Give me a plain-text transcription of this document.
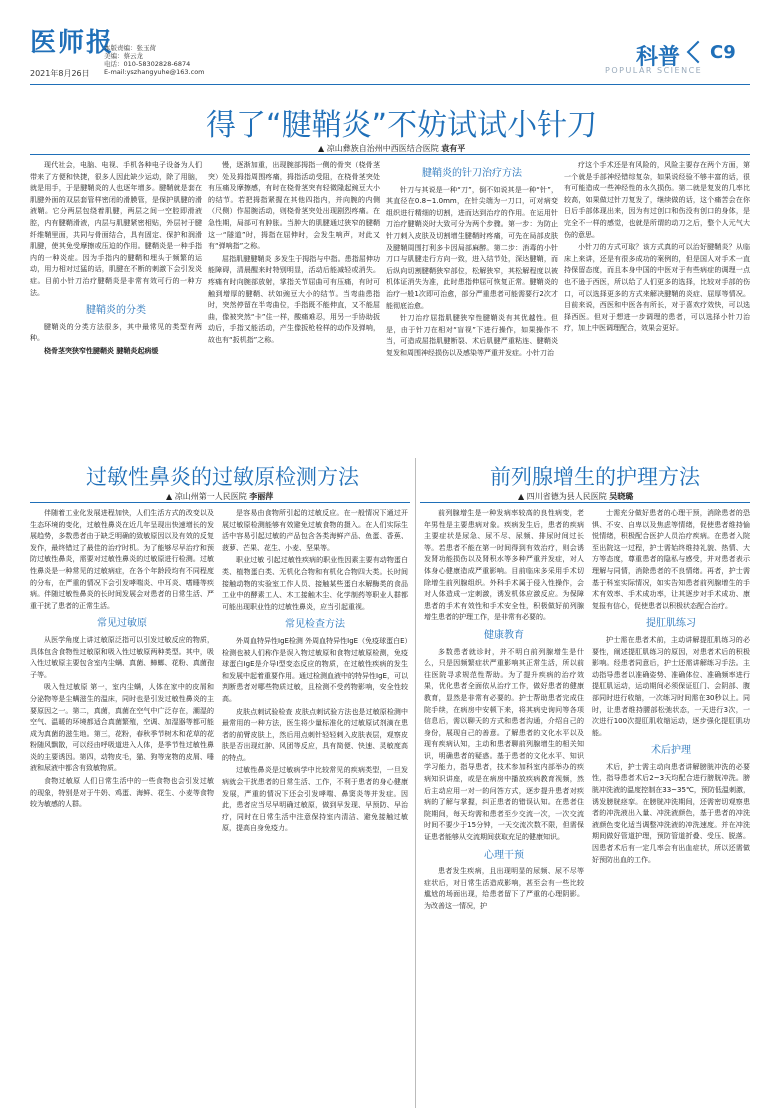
医师报
本版责编：张玉荷
美编：蔡云龙
电话：010-58302828-6874
E-mail:yszhangyuhe@163.com
2021年8月26日
科普 C9
POPULAR SCIENCE
得了“腱鞘炎”不妨试试小针刀
▲ 凉山彝族自治州中西医结合医院 袁有平

现代社会，电脑、电视、手机各种电子设备为人们带来了方便和快捷，很多人因此缺少运动，除了用脑，就是用手，于是腱鞘炎的人也逐年增多。腱鞘就是套在肌腱外面的双层套管样密闭的滑膜管，是保护肌腱的滑液鞘。它分两层包绕着肌腱，两层之间一空腔即滑液腔，内有腱鞘滑液，内层与肌腱紧密相贴，外层衬于腱纤维鞘里面，共同与骨面结合，具有固定、保护和润滑肌腱，使其免受摩擦或压迫的作用。腱鞘炎是一种手指内的一种炎症。因为手指内的腱鞘和埋头于频繁的运动，用力相对过猛的话，肌腱在不断的刺激下会引发炎症。目前小针刀治疗腱鞘炎是非常有效可行的一种方法。

腱鞘炎的分类

腱鞘炎的分类方法很多，其中最常见的类型有两种。

桡骨茎突狭窄性腱鞘炎 腱鞘炎起病缓

慢，逐渐加重，出现腕部拇指一侧的骨突（桡骨茎突）处及拇指周围疼痛，拇指活动受阻，在桡骨茎突处有压痛及摩擦感，有时在桡骨茎突有轻微隆起豌豆大小的结节。若把拇指紧握在其他四指内，并向腕的内侧（尺侧）作屈腕活动，则桡骨茎突处出现剧烈疼痛。在急性期，局部可有肿胀。当肿大的肌腱通过狭窄的腱鞘这一“隧道”时，拇指在屈伸时，会发生响声，对此又有“弹响指”之称。

屈指肌腱腱鞘炎 多发生于拇指与中指。患指屈伸功能障碍，清晨醒来时特别明显，活动后能减轻或消失。疼痛有时向腕部放射，掌指关节屈曲可有压痛，有时可触到增厚的腱鞘、状如豌豆大小的结节。当弯曲患指时，突然停留在半弯曲位，手指既不能伸直，又不能屈曲，像被突然“卡”住一样，酸痛难忍，用另一手协助扳动后，手指又能活动，产生像扳枪栓样的动作及弹响，故也有“扳机指”之称。

腱鞘炎的针刀治疗方法

针刀与其说是一种“刀”，倒不如说其是一种“针”，其直径在0.8~1.0mm，在针尖端为一刀口，可对病变组织进行精细的切割，进而达到治疗的作用。在运用针刀治疗腱鞘炎时大致可分为两个步骤。第一步：为防止针刀刺入皮肤及切割增生腱鞘时疼痛，可先在局部皮肤及腱鞘周围打利多卡因局部麻醉。第二步：消毒的小针刀口与肌腱走行方向一致，进入结节处，深达腱鞘，而后纵向切割腱鞘狭窄部位，松解狭窄，其松解程度以被机体证消失为准，此时患指伸屈可恢复正常。腱鞘炎的治疗一般1次即可治愈，部分严重患者可能需要行2次才能彻底治愈。

针刀治疗屈指肌腱狭窄性腱鞘炎有其优越性。但是，由于针刀在相对“盲视”下进行操作，如果操作不当，可造成屈指肌腱断裂、术后肌腱严重粘连、腱鞘炎复发和周围神经损伤以及感染等严重并发症。小针刀治

疗这个手术还是有风险的，风险主要存在两个方面，第一个就是手部神经错综复杂，如果说经验不够丰富的话，很有可能造成一些神经性的永久损伤。第二就是复发的几率比较高，如果做过针刀复发了，继续做的话，这个痛苦会在你日后手部体现出来，因为有过创口和伤没有创口的身体，是完全不一样的感觉，也就是所谓的动刀之后，整个人元气大伤的意思。

小针刀的方式可取？该方式真的可以治好腱鞘炎？从临床上来讲，还是有很多成功的案例的，但是国人对手术一直持保留态度，而且本身中国的中医对于有些病症的调理一点也不逊于西医，所以给了人们更多的选择，比较对手部的伤口，可以选择更多的方式来解决腱鞘的炎症、屈厚等情况。目前来说，西医和中医各有所长，对于喜欢疗效快，可以选择西医。但对于想进一步调理的患者，可以选择小针刀治疗，加上中医调理配合，效果会更好。

过敏性鼻炎的过敏原检测方法
▲ 凉山州第一人民医院 李丽萍

伴随着工业化发展进程加快，人们生活方式的改变以及生态环境的变化，过敏性鼻炎在近几年呈现出快速增长的发展趋势，多数患者由于缺乏明确的致敏原因以及有效的反复发作，最终错过了最佳的治疗时机。为了能够尽早治疗和预防过敏性鼻炎，需要对过敏性鼻炎的过敏原进行检测。过敏性鼻炎是一种常见的过敏病症，在各个年龄段均有不同程度的分布，在严重的情况下会引发哮喘炎、中耳炎、嗜睡等疾病。伴随过敏性鼻炎的长时间发展会对患者的日常生活、严重干扰了患者的正常生活。

常见过敏原

从医学角度上讲过敏原泛指可以引发过敏反应的物质，具体包含食物性过敏原和吸入性过敏原两种类型。其中，吸入性过敏原主要包含室内尘螨、真菌、蟑螂、花粉、真菌孢子等。

吸入性过敏原 第一，室内尘螨，人体在家中的皮屑和分泌物等是尘螨滋生的温床，同时也是引发过敏性鼻炎的主要原因之一。第二，真菌，真菌在空气中广泛存在，潮湿的空气、温暖的环境都适合真菌繁殖，空调、加湿器等都可能成为真菌的滋生地。第三，花粉，春秋季节树木和花草的花粉随风飘散，可以经由呼吸道进入人体，是季节性过敏性鼻炎的主要诱因。第四，动物皮毛，猫、狗等宠物的皮屑、唾液和尿液中都含有致敏物质。

食物过敏原 人们日常生活中的一些食物也会引发过敏的现象，特别是对于牛奶、鸡蛋、海鲜、花生、小麦等食物较为敏感的人群。

是容易由食物所引起的过敏反应。在一般情况下通过开展过敏原检测能够有效避免过敏食物的摄入。在人们实际生活中容易引起过敏的产品包含各类海鲜产品、鱼蛋、香蕉、菠萝、芒果、花生、小麦、坚果等。

职业过敏 引起过敏性疾病的职业性因素主要有动物蛋白类、植物蛋白类、无机化合物和有机化合物四大类。长时间接触动物的实验室工作人员、接触某些蛋白水解酶类的食品工业中的酵素工人、木工接触木尘、化学制药等职业人群都可能出现职业性的过敏性鼻炎，应当引起重视。

常见检查方法

外周血特异性IgE检测 外周血特异性IgE（免疫球蛋白E）检测也被人们称作是误入物过敏原和食物过敏原检测，免疫球蛋白IgE是介导Ⅰ型变态反应的物质，在过敏性疾病的发生和发展中起着重要作用。通过检测血液中的特异性IgE，可以判断患者对哪些物质过敏，且检测不受药物影响，安全性较高。

皮肤点刺试验检查 皮肤点刺试验方法也是过敏原检测中最常用的一种方法，医生将少量标准化的过敏原试剂滴在患者的前臂皮肤上，然后用点刺针轻轻刺入皮肤表层，观察皮肤是否出现红肿、风团等反应，具有简便、快速、灵敏度高的特点。

过敏性鼻炎是过敏病学中比较常见的疾病类型，一旦发病就会干扰患者的日常生活、工作，不利于患者的身心健康发展，严重的情况下还会引发哮喘、鼻窦炎等并发症。因此，患者应当尽早明确过敏原，做到早发现、早预防、早治疗，同时在日常生活中注意保持室内清洁、避免接触过敏原，提高自身免疫力。

前列腺增生的护理方法
▲ 四川省德为县人民医院 吴晓璐

前列腺增生是一种发病率较高的良性病变，老年男性是主要患病对象。疾病发生后，患者的疾病主要症状是尿急、尿不尽、尿频、排尿时间过长等。若患者不能在第一时间得到有效治疗，则会诱发肾功能损伤以及肾积水等多种严重并发症，对人体身心健康造成严重影响。目前临床多采用手术切除增生前列腺组织。外科手术属于侵入性操作，会对人体造成一定刺激，诱发机体应激反应。为保障患者的手术有效性和手术安全性，积极做好前列腺增生患者的护理工作，是非常有必要的。

健康教育

多数患者就诊时，并不明白前列腺增生是什么，只是因频繁症状严重影响其正常生活，所以前往医院寻求规范性帮助。为了提升疾病的治疗效果，优化患者全面依从治疗工作，做好患者的健康教育，显然是非常有必要的。护士帮助患者完成住院手续，在病房中安顿下来，将其病史询问等各项信息后，需以聊天的方式和患者沟通，介绍自己的身份，展现自己的善意。了解患者的文化水平以及现有疾病认知，主动和患者聊前列腺增生的相关知识，明确患者的疑惑。基于患者的文化水平、知识学习能力，指导患者，技术参加科室内部举办的疾病知识讲座，或是在病房中播放疾病教育视频，然后主动应用一对一的问答方式，逐步提升患者对疾病的了解与掌握，纠正患者的错误认知。在患者住院期间，每天均需和患者至少交流一次，一次交流时间不要少于15分钟，一天交流次数不限，但需保证患者能够从交流期间获取充足的健康知识。

心理干预

患者发生疾病，且出现明显的尿频、尿不尽等症状后，对日常生活造成影响，甚至会有一些比较尴尬的场面出现，给患者留下了严重的心理阴影。为改善这一情况，护

士需充分做好患者的心理干预，消除患者的恐惧、不安、自卑以及焦虑等情绪，促使患者维持愉悦情绪，积极配合医护人员治疗疾病。在患者入院至出院这一过程，护士需始终维持礼貌、热情、大方等态度，尊重患者的隐私与感受，并对患者表示理解与同情，消除患者的不良情绪。再者，护士需基于科室实际情况，如实告知患者前列腺增生的手术有效率、手术成功率，让其逐步对手术成功、康复报有信心，促使患者以积极状态配合治疗。

提肛肌练习

护士需在患者术前，主动讲解提肛肌练习的必要性，阐述提肛肌练习的原因，对患者术后的积极影响。经患者同意后，护士还需讲解练习手法。主动指导患者以准确姿势、准确体位、准确频率进行提肛肌运动，运动期间必须保证肛门、会阴部、腹部同时进行收缩，一次练习时间需在30秒以上。同时，让患者维持腰部松弛状态，一天进行3次，一次进行100次提肛肌收缩运动，逐步强化提肛肌功能。

术后护理

术后，护士需主动向患者讲解膀胱冲洗的必要性，指导患者术后2~3天均配合进行膀胱冲洗。膀胱冲洗液的温度控制在33~35℃，预防低温刺激，诱发膀胱痉挛。在膀胱冲洗期间，还需密切观察患者的冲洗液出入量、冲洗液颜色，基于患者的冲洗液颜色变化适当调整冲洗液的冲洗速度。并在冲洗期间做好管道护理，预防管道折叠、受压、脱落。因患者术后有一定几率会有出血症状，所以还需做好预防出血的工作。
